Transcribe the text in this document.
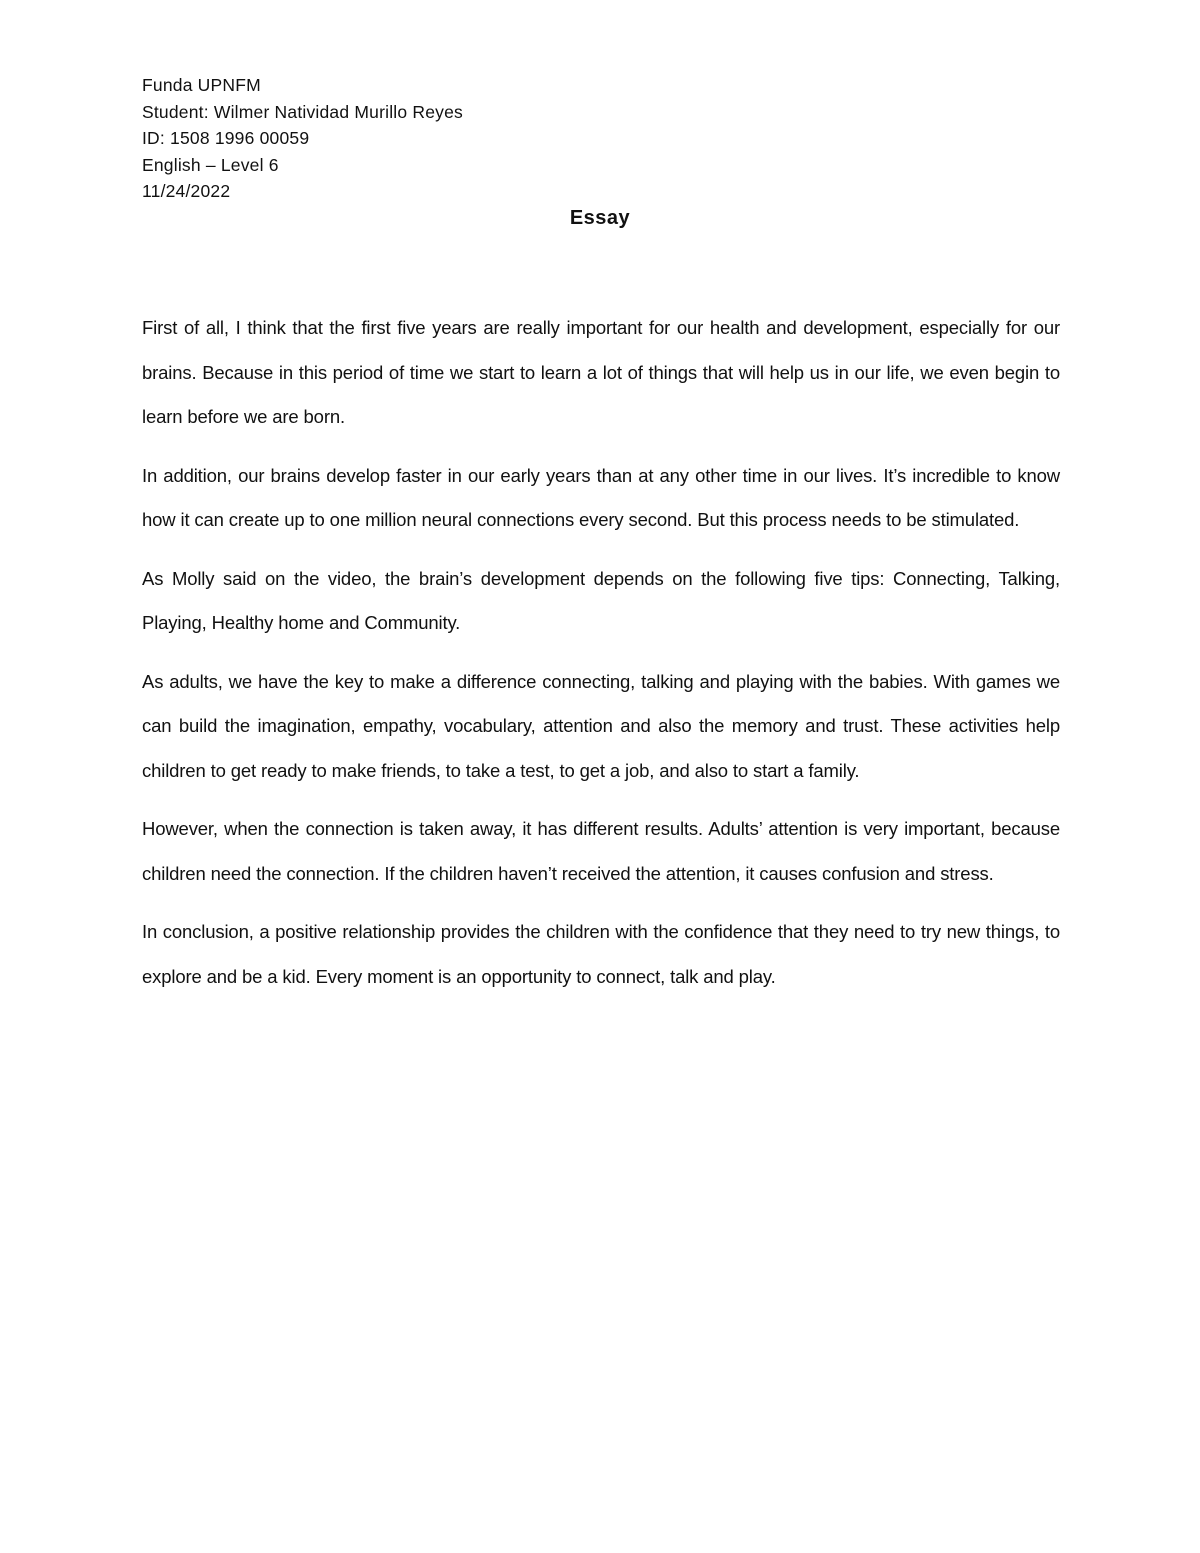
Funda UPNFM
Student: Wilmer Natividad Murillo Reyes
ID: 1508 1996 00059
English – Level 6
11/24/2022
Essay

First of all, I think that the first five years are really important for our health and development, especially for our brains. Because in this period of time we start to learn a lot of things that will help us in our life, we even begin to learn before we are born.

In addition, our brains develop faster in our early years than at any other time in our lives. It’s incredible to know how it can create up to one million neural connections every second. But this process needs to be stimulated.

As Molly said on the video, the brain’s development depends on the following five tips: Connecting, Talking, Playing, Healthy home and Community.

As adults, we have the key to make a difference connecting, talking and playing with the babies. With games we can build the imagination, empathy, vocabulary, attention and also the memory and trust. These activities help children to get ready to make friends, to take a test, to get a job, and also to start a family.

However, when the connection is taken away, it has different results. Adults’ attention is very important, because children need the connection. If the children haven’t received the attention, it causes confusion and stress.

In conclusion, a positive relationship provides the children with the confidence that they need to try new things, to explore and be a kid. Every moment is an opportunity to connect, talk and play.
